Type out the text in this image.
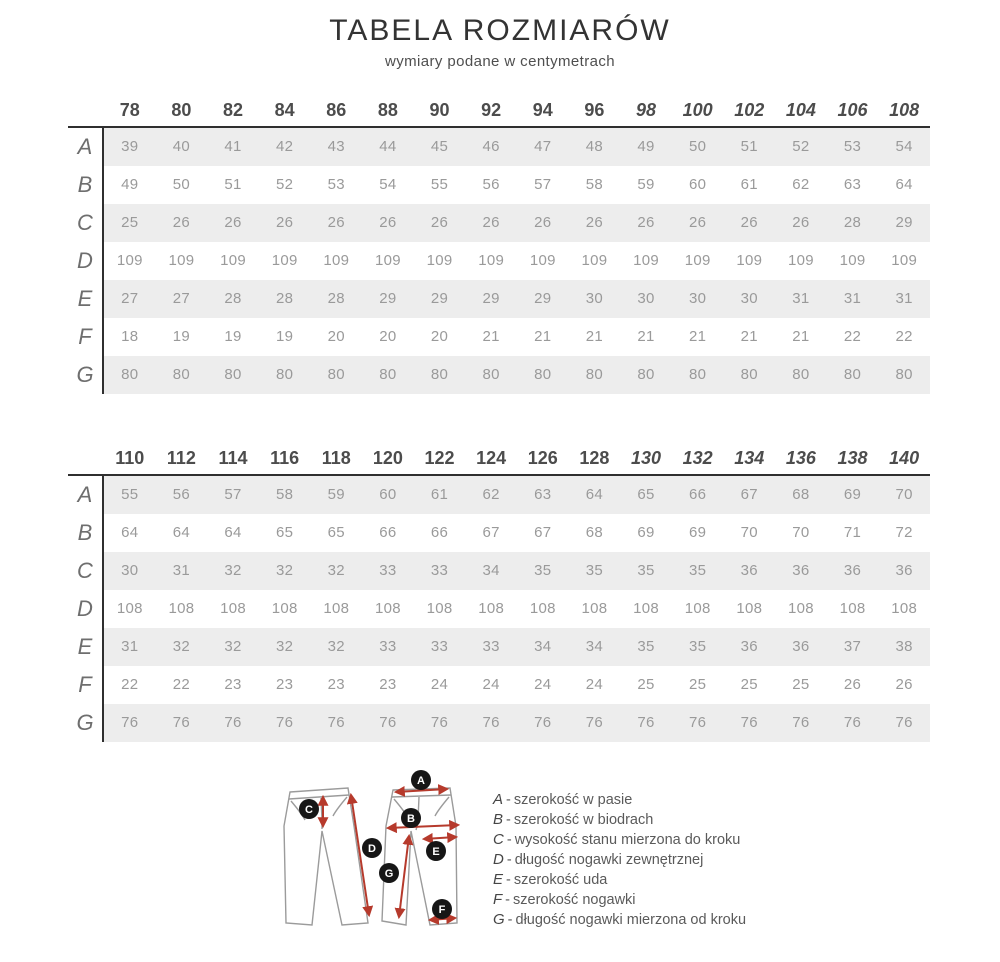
TABELA ROZMIARÓW
wymiary podane w centymetrach
78	80	82	84	86	88	90	92	94	96	98	100	102	104	106	108
A	39	40	41	42	43	44	45	46	47	48	49	50	51	52	53	54
B	49	50	51	52	53	54	55	56	57	58	59	60	61	62	63	64
C	25	26	26	26	26	26	26	26	26	26	26	26	26	26	28	29
D	109	109	109	109	109	109	109	109	109	109	109	109	109	109	109	109
E	27	27	28	28	28	29	29	29	29	30	30	30	30	31	31	31
F	18	19	19	19	20	20	20	21	21	21	21	21	21	21	22	22
G	80	80	80	80	80	80	80	80	80	80	80	80	80	80	80	80
110	112	114	116	118	120	122	124	126	128	130	132	134	136	138	140
A	55	56	57	58	59	60	61	62	63	64	65	66	67	68	69	70
B	64	64	64	65	65	66	66	67	67	68	69	69	70	70	71	72
C	30	31	32	32	32	33	33	34	35	35	35	35	36	36	36	36
D	108	108	108	108	108	108	108	108	108	108	108	108	108	108	108	108
E	31	32	32	32	32	33	33	33	34	34	35	35	36	36	37	38
F	22	22	23	23	23	23	24	24	24	24	25	25	25	25	26	26
G	76	76	76	76	76	76	76	76	76	76	76	76	76	76	76	76
A
B
C
D	E
F
G
A - szerokość w pasie
B - szerokość w biodrach
C - wysokość stanu mierzona do kroku
D - długość nogawki zewnętrznej
E - szerokość uda
F - szerokość nogawki
G - długość nogawki mierzona od kroku
